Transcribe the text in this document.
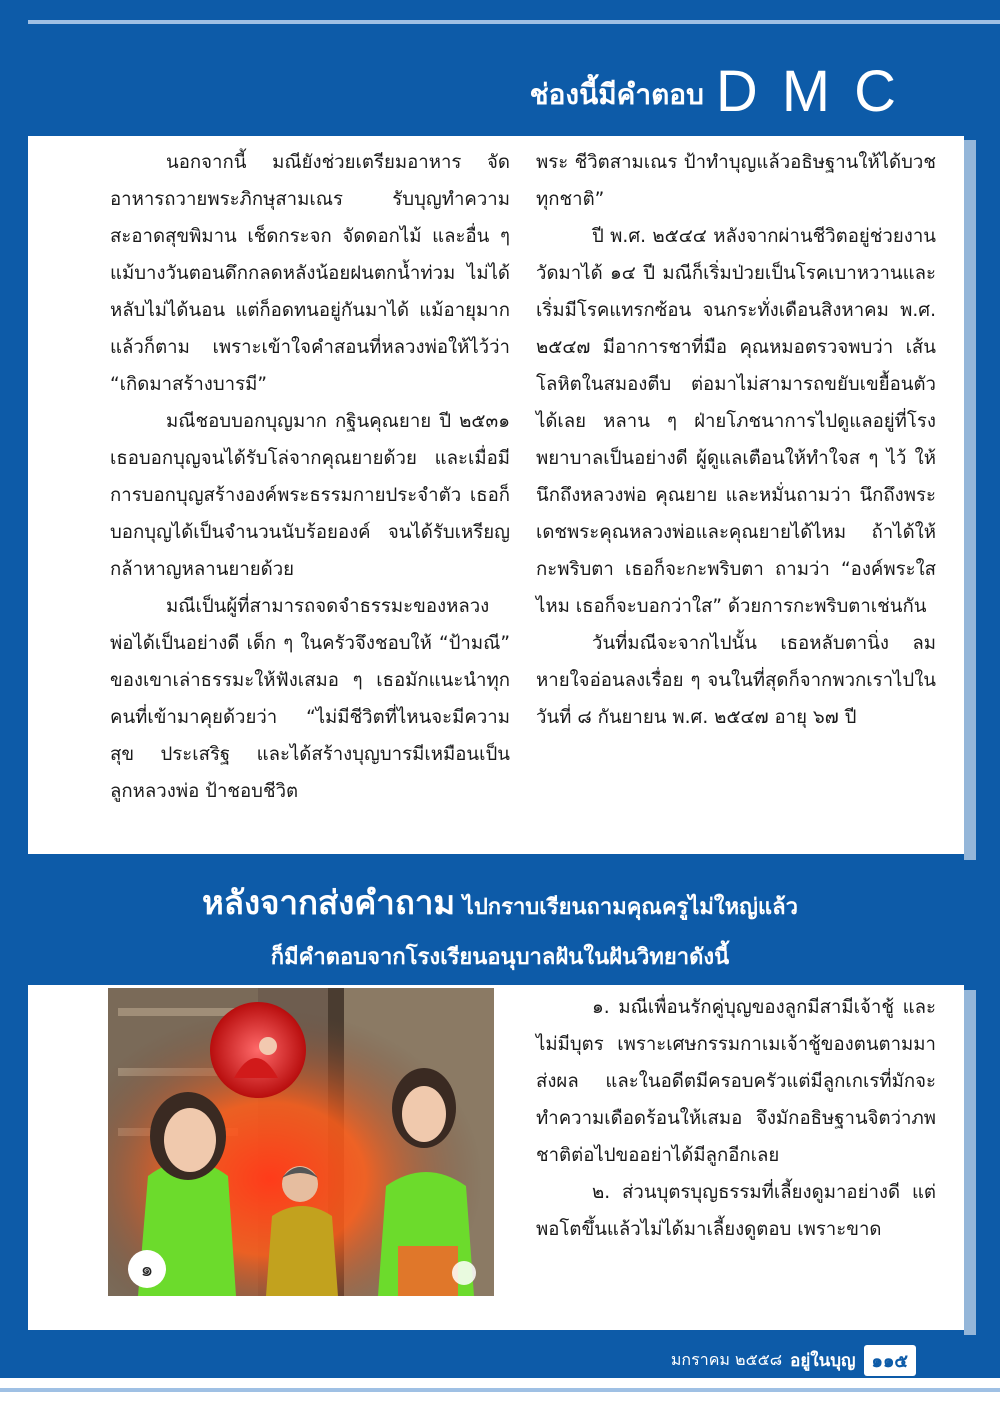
ช่องนี้มีคำตอบ DMC

นอกจากนี้ มณียังช่วยเตรียมอาหาร จัดอาหารถวายพระภิกษุสามเณร รับบุญทำความสะอาดสุขพิมาน เช็ดกระจก จัดดอกไม้ และอื่น ๆ แม้บางวันตอนดึกกลดหลังน้อยฝนตกน้ำท่วม ไม่ได้หลับไม่ได้นอน แต่ก็อดทนอยู่กันมาได้ แม้อายุมากแล้วก็ตาม เพราะเข้าใจคำสอนที่หลวงพ่อให้ไว้ว่า “เกิดมาสร้างบารมี”

มณีชอบบอกบุญมาก กฐินคุณยาย ปี ๒๕๓๑ เธอบอกบุญจนได้รับโล่จากคุณยายด้วย และเมื่อมีการบอกบุญสร้างองค์พระธรรมกายประจำตัว เธอก็บอกบุญได้เป็นจำนวนนับร้อยองค์ จนได้รับเหรียญกล้าหาญหลานยายด้วย

มณีเป็นผู้ที่สามารถจดจำธรรมะของหลวงพ่อได้เป็นอย่างดี เด็ก ๆ ในครัวจึงชอบให้ “ป้ามณี” ของเขาเล่าธรรมะให้ฟังเสมอ ๆ เธอมักแนะนำทุกคนที่เข้ามาคุยด้วยว่า “ไม่มีชีวิตที่ไหนจะมีความสุข ประเสริฐ และได้สร้างบุญบารมีเหมือนเป็นลูกหลวงพ่อ ป้าชอบชีวิต

พระ ชีวิตสามเณร ป้าทำบุญแล้วอธิษฐานให้ได้บวชทุกชาติ”

ปี พ.ศ. ๒๕๔๔ หลังจากผ่านชีวิตอยู่ช่วยงานวัดมาได้ ๑๔ ปี มณีก็เริ่มป่วยเป็นโรคเบาหวานและเริ่มมีโรคแทรกซ้อน จนกระทั่งเดือนสิงหาคม พ.ศ. ๒๕๔๗ มีอาการชาที่มือ คุณหมอตรวจพบว่า เส้นโลหิตในสมองตีบ ต่อมาไม่สามารถขยับเขยื้อนตัวได้เลย หลาน ๆ ฝ่ายโภชนาการไปดูแลอยู่ที่โรงพยาบาลเป็นอย่างดี ผู้ดูแลเตือนให้ทำใจส ๆ ไว้ ให้นึกถึงหลวงพ่อ คุณยาย และหมั่นถามว่า นึกถึงพระเดชพระคุณหลวงพ่อและคุณยายได้ไหม ถ้าได้ให้กะพริบตา เธอก็จะกะพริบตา ถามว่า “องค์พระใสไหม เธอก็จะบอกว่าใส” ด้วยการกะพริบตาเช่นกัน

วันที่มณีจะจากไปนั้น เธอหลับตานิ่ง ลมหายใจอ่อนลงเรื่อย ๆ จนในที่สุดก็จากพวกเราไปในวันที่ ๘ กันยายน พ.ศ. ๒๕๔๗ อายุ ๖๗ ปี

หลังจากส่งคำถาม ไปกราบเรียนถามคุณครูไม่ใหญ่แล้ว
ก็มีคำตอบจากโรงเรียนอนุบาลฝันในฝันวิทยาดังนี้
๑

๑. มณีเพื่อนรักคู่บุญของลูกมีสามีเจ้าชู้ และไม่มีบุตร เพราะเศษกรรมกาเมเจ้าชู้ของตนตามมาส่งผล และในอดีตมีครอบครัวแต่มีลูกเกเรที่มักจะทำความเดือดร้อนให้เสมอ จึงมักอธิษฐานจิตว่าภพชาติต่อไปขออย่าได้มีลูกอีกเลย

๒. ส่วนบุตรบุญธรรมที่เลี้ยงดูมาอย่างดี แต่พอโตขึ้นแล้วไม่ได้มาเลี้ยงดูตอบ เพราะขาด

มกราคม ๒๕๕๘ อยู่ในบุญ ๑๑๕
